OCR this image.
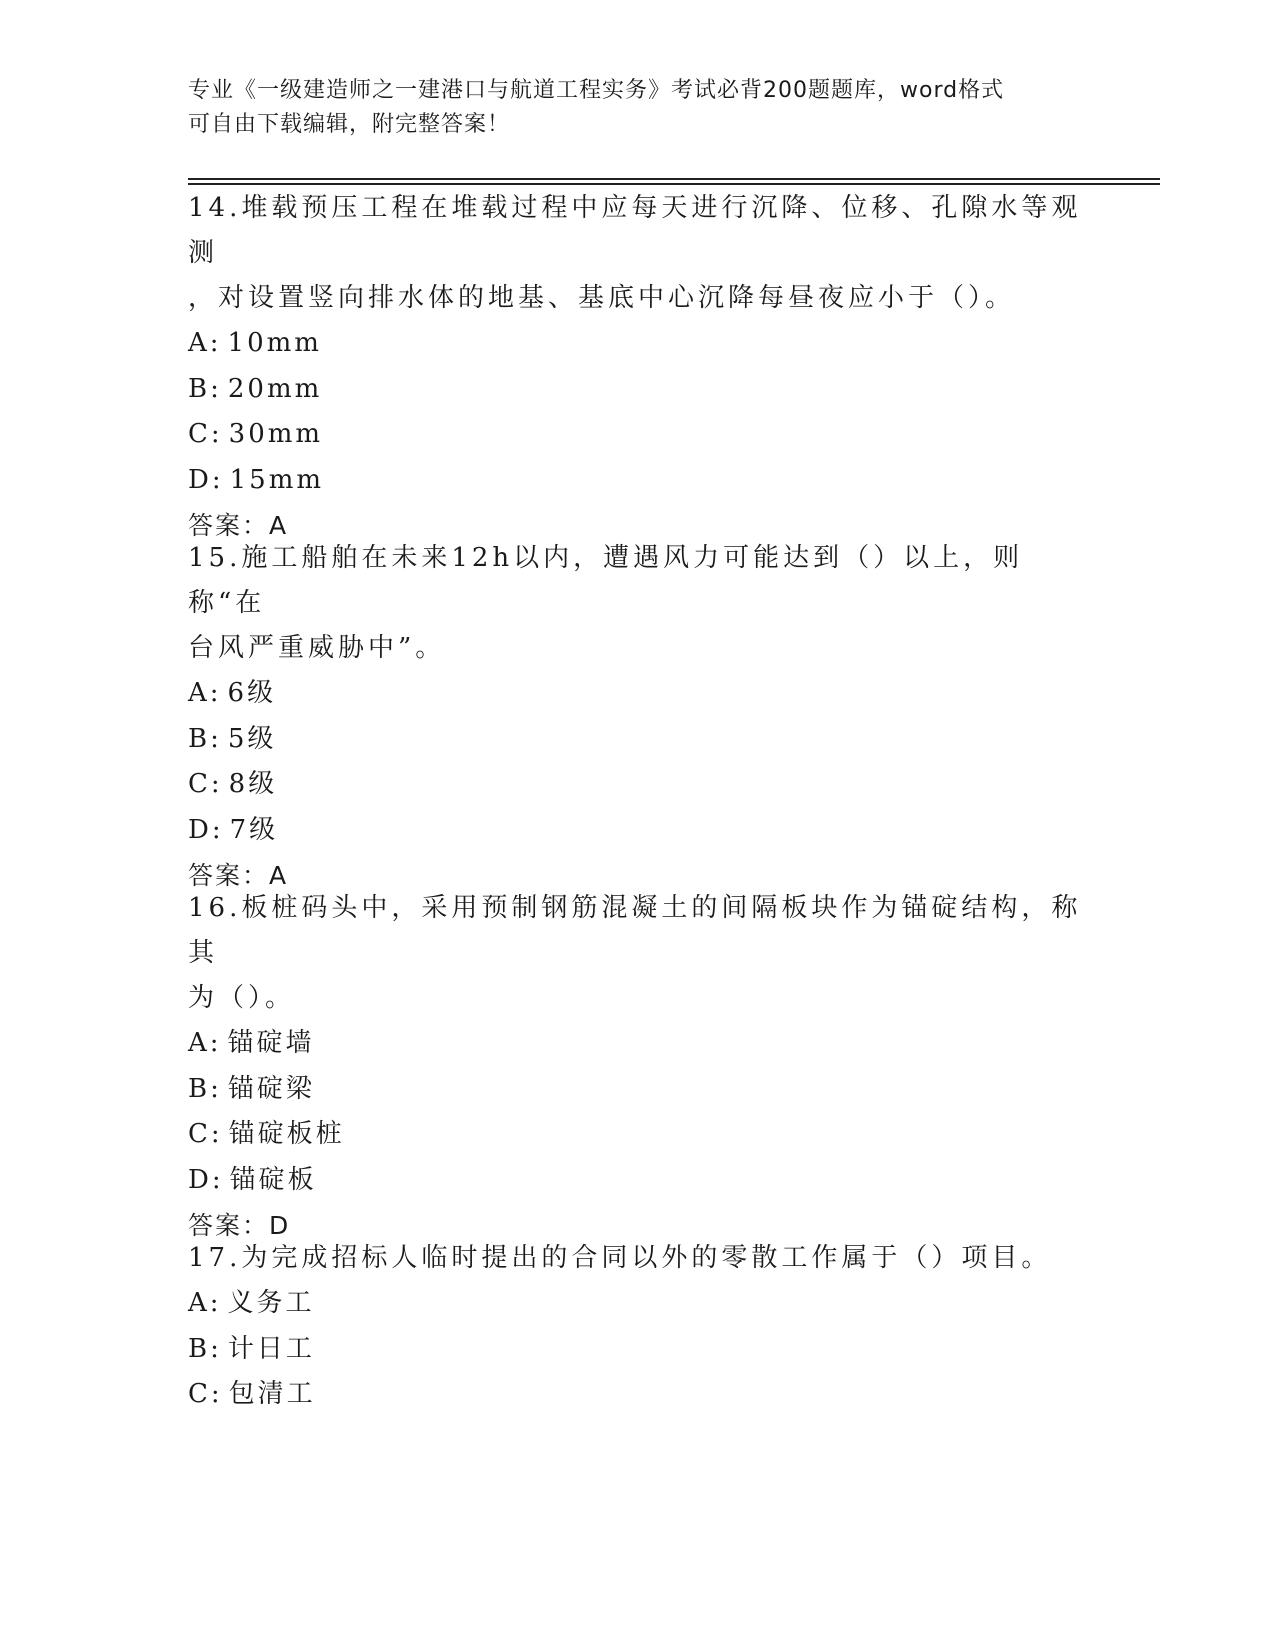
专业《一级建造师之一建港口与航道工程实务》考试必背200题题库，word格式
可自由下载编辑，附完整答案！
14.堆载预压工程在堆载过程中应每天进行沉降、位移、孔隙水等观测
，对设置竖向排水体的地基、基底中心沉降每昼夜应小于（）。
A: 10mm
B: 20mm
C: 30mm
D: 15mm
答案：A
15.施工船舶在未来12h以内，遭遇风力可能达到（）以上，则称“在
台风严重威胁中”。
A: 6级
B: 5级
C: 8级
D: 7级
答案：A
16.板桩码头中，采用预制钢筋混凝土的间隔板块作为锚碇结构，称其
为（）。
A: 锚碇墙
B: 锚碇梁
C: 锚碇板桩
D: 锚碇板
答案：D
17.为完成招标人临时提出的合同以外的零散工作属于（）项目。
A: 义务工
B: 计日工
C: 包清工
